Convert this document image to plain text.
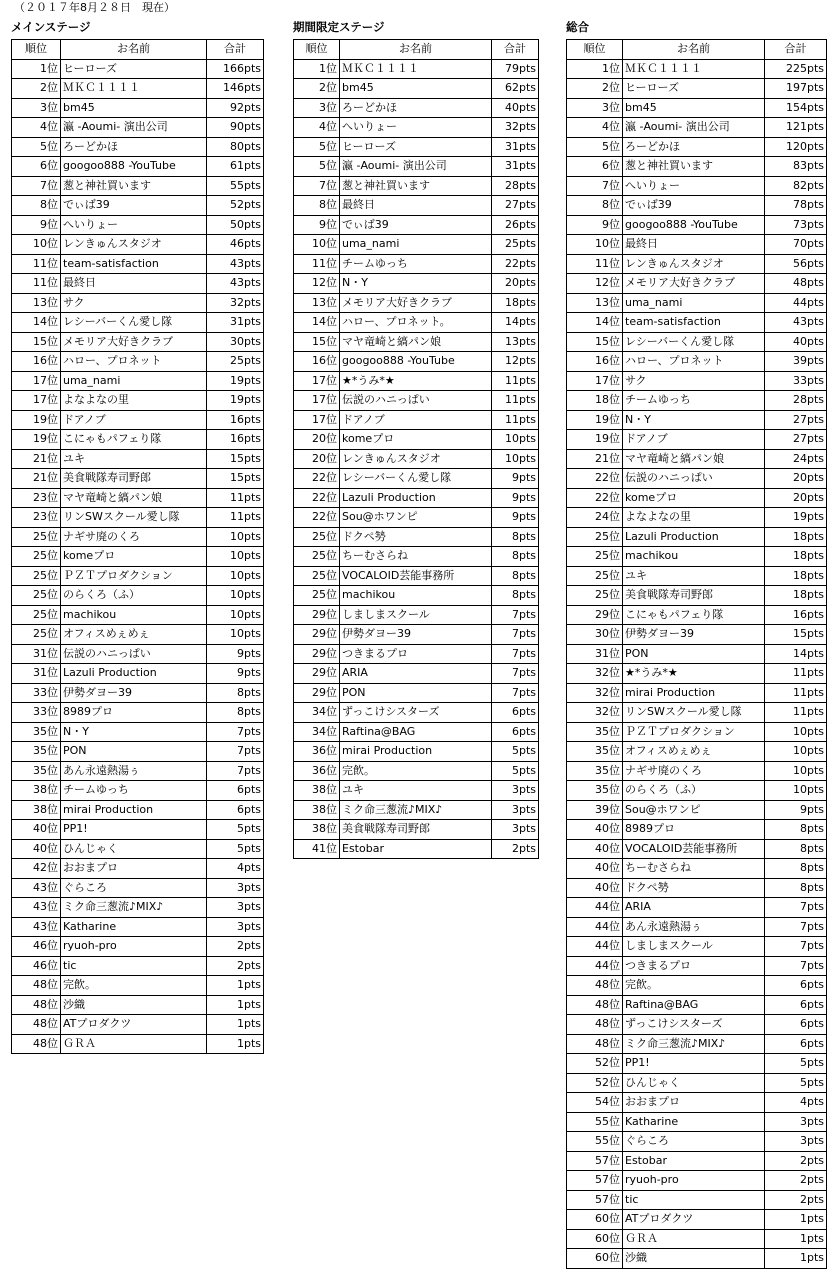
（２０１７年8月２８日　現在）
メインステージ
順位	お名前	合計
1位	ヒーローズ	166pts
2位	ＭＫＣ１１１１	146pts
3位	bm45	92pts
4位	瀛 -Aoumi- 演出公司	90pts
5位	ろーどかほ	80pts
6位	googoo888 -YouTube	61pts
7位	葱と神社買います	55pts
8位	でぃば39	52pts
9位	へいりょー	50pts
10位	レンきゅんスタジオ	46pts
11位	team-satisfaction	43pts
11位	最終日	43pts
13位	サク	32pts
14位	レシーバーくん愛し隊	31pts
15位	メモリア大好きクラブ	30pts
16位	ハロー、プロネット	25pts
17位	uma_nami	19pts
17位	よなよなの里	19pts
19位	ドアノブ	16pts
19位	こにゃもパフェり隊	16pts
21位	ユキ	15pts
21位	美食戦隊寿司野郎	15pts
23位	マヤ竜崎と縞パン娘	11pts
23位	リンSWスクール愛し隊	11pts
25位	ナギサ廃のくろ	10pts
25位	komeプロ	10pts
25位	ＰＺＴプロダクション	10pts
25位	のらくろ（ふ）	10pts
25位	machikou	10pts
25位	オフィスめぇめぇ	10pts
31位	伝説のハニっぱい	9pts
31位	Lazuli Production	9pts
33位	伊勢ダヨー39	8pts
33位	8989プロ	8pts
35位	N・Y	7pts
35位	PON	7pts
35位	あん永遠熱湯ぅ	7pts
38位	チームゆっち	6pts
38位	mirai Production	6pts
40位	PP1!	5pts
40位	ひんじゃく	5pts
42位	おおまプロ	4pts
43位	ぐらころ	3pts
43位	ミク命三葱流♪MIX♪	3pts
43位	Katharine	3pts
46位	ryuoh-pro	2pts
46位	tic	2pts
48位	完飲。	1pts
48位	沙織	1pts
48位	ATプロダクツ	1pts
48位	ＧＲＡ	1pts
期間限定ステージ
順位	お名前	合計
1位	ＭＫＣ１１１１	79pts
2位	bm45	62pts
3位	ろーどかほ	40pts
4位	へいりょー	32pts
5位	ヒーローズ	31pts
5位	瀛 -Aoumi- 演出公司	31pts
7位	葱と神社買います	28pts
8位	最終日	27pts
9位	でぃば39	26pts
10位	uma_nami	25pts
11位	チームゆっち	22pts
12位	N・Y	20pts
13位	メモリア大好きクラブ	18pts
14位	ハロー、プロネット。	14pts
15位	マヤ竜崎と縞パン娘	13pts
16位	googoo888 -YouTube	12pts
17位	★*うみ*★	11pts
17位	伝説のハニっぱい	11pts
17位	ドアノブ	11pts
20位	komeプロ	10pts
20位	レンきゅんスタジオ	10pts
22位	レシーバーくん愛し隊	9pts
22位	Lazuli Production	9pts
22位	Sou@ホワンピ	9pts
25位	ドクペ㔟	8pts
25位	ちーむさらね	8pts
25位	VOCALOID芸能事務所	8pts
25位	machikou	8pts
29位	しましまスクール	7pts
29位	伊勢ダヨー39	7pts
29位	つきまるプロ	7pts
29位	ARIA	7pts
29位	PON	7pts
34位	ずっこけシスターズ	6pts
34位	Raftina@BAG	6pts
36位	mirai Production	5pts
36位	完飲。	5pts
38位	ユキ	3pts
38位	ミク命三葱流♪MIX♪	3pts
38位	美食戦隊寿司野郎	3pts
41位	Estobar	2pts
総合
順位	お名前	合計
1位	ＭＫＣ１１１１	225pts
2位	ヒーローズ	197pts
3位	bm45	154pts
4位	瀛 -Aoumi- 演出公司	121pts
5位	ろーどかほ	120pts
6位	葱と神社買います	83pts
7位	へいりょー	82pts
8位	でぃば39	78pts
9位	googoo888 -YouTube	73pts
10位	最終日	70pts
11位	レンきゅんスタジオ	56pts
12位	メモリア大好きクラブ	48pts
13位	uma_nami	44pts
14位	team-satisfaction	43pts
15位	レシーバーくん愛し隊	40pts
16位	ハロー、プロネット	39pts
17位	サク	33pts
18位	チームゆっち	28pts
19位	N・Y	27pts
19位	ドアノブ	27pts
21位	マヤ竜崎と縞パン娘	24pts
22位	伝説のハニっぱい	20pts
22位	komeプロ	20pts
24位	よなよなの里	19pts
25位	Lazuli Production	18pts
25位	machikou	18pts
25位	ユキ	18pts
25位	美食戦隊寿司野郎	18pts
29位	こにゃもパフェり隊	16pts
30位	伊勢ダヨー39	15pts
31位	PON	14pts
32位	★*うみ*★	11pts
32位	mirai Production	11pts
32位	リンSWスクール愛し隊	11pts
35位	ＰＺＴプロダクション	10pts
35位	オフィスめぇめぇ	10pts
35位	ナギサ廃のくろ	10pts
35位	のらくろ（ふ）	10pts
39位	Sou@ホワンピ	9pts
40位	8989プロ	8pts
40位	VOCALOID芸能事務所	8pts
40位	ちーむさらね	8pts
40位	ドクペ㔟	8pts
44位	ARIA	7pts
44位	あん永遠熱湯ぅ	7pts
44位	しましまスクール	7pts
44位	つきまるプロ	7pts
48位	完飲。	6pts
48位	Raftina@BAG	6pts
48位	ずっこけシスターズ	6pts
48位	ミク命三葱流♪MIX♪	6pts
52位	PP1!	5pts
52位	ひんじゃく	5pts
54位	おおまプロ	4pts
55位	Katharine	3pts
55位	ぐらころ	3pts
57位	Estobar	2pts
57位	ryuoh-pro	2pts
57位	tic	2pts
60位	ATプロダクツ	1pts
60位	ＧＲＡ	1pts
60位	沙織	1pts
